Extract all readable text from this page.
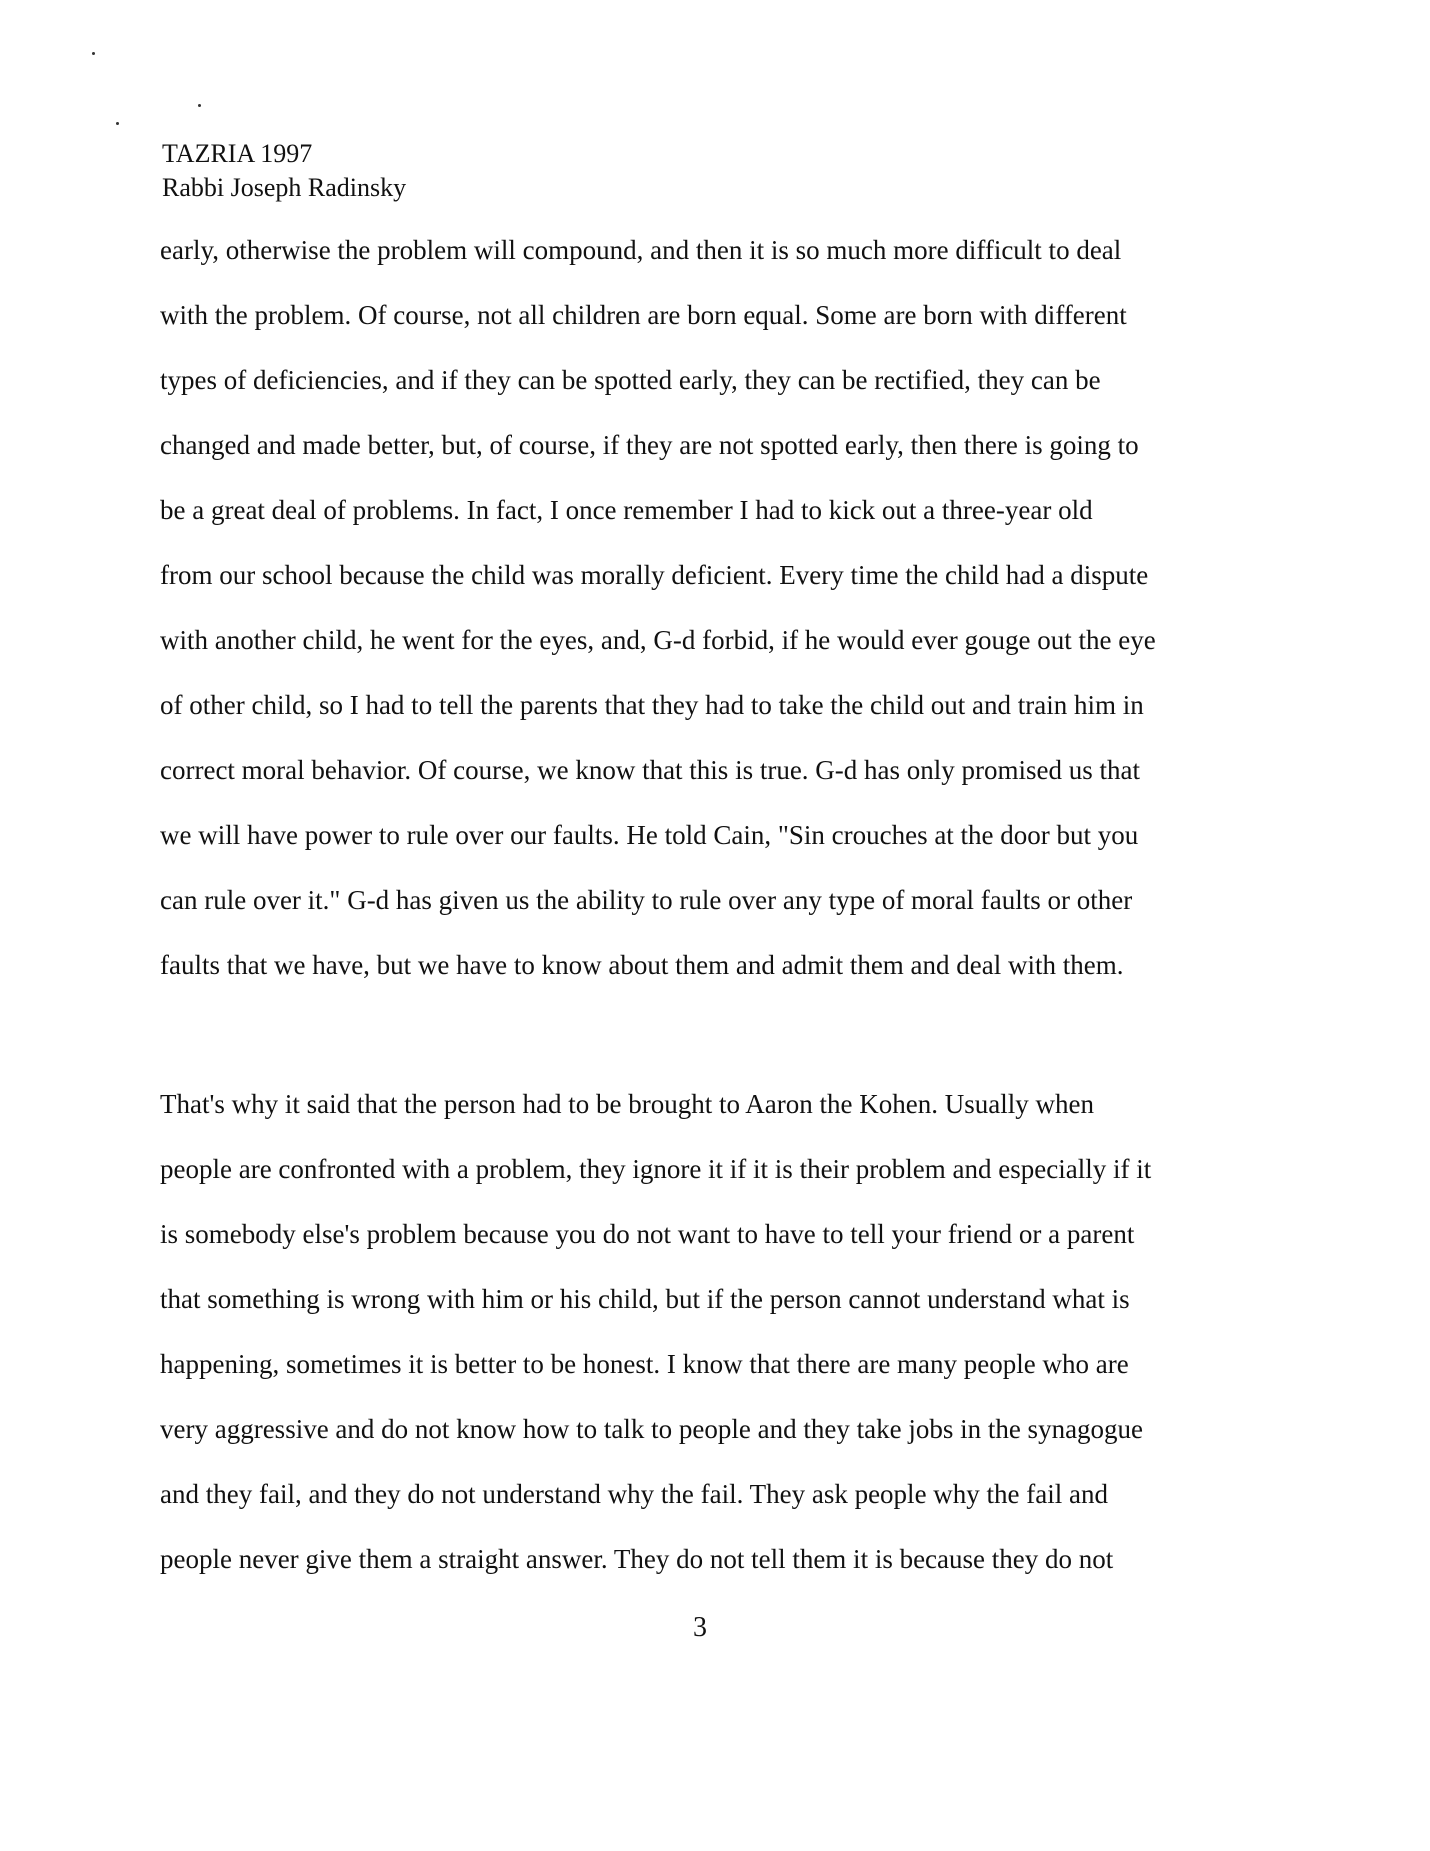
TAZRIA 1997
Rabbi Joseph Radinsky
early, otherwise the problem will compound, and then it is so much more difficult to deal
with the problem. Of course, not all children are born equal. Some are born with different
types of deficiencies, and if they can be spotted early, they can be rectified, they can be
changed and made better, but, of course, if they are not spotted early, then there is going to
be a great deal of problems. In fact, I once remember I had to kick out a three-year old
from our school because the child was morally deficient. Every time the child had a dispute
with another child, he went for the eyes, and, G-d forbid, if he would ever gouge out the eye
of other child, so I had to tell the parents that they had to take the child out and train him in
correct moral behavior. Of course, we know that this is true. G-d has only promised us that
we will have power to rule over our faults. He told Cain, "Sin crouches at the door but you
can rule over it." G-d has given us the ability to rule over any type of moral faults or other
faults that we have, but we have to know about them and admit them and deal with them.
That's why it said that the person had to be brought to Aaron the Kohen. Usually when
people are confronted with a problem, they ignore it if it is their problem and especially if it
is somebody else's problem because you do not want to have to tell your friend or a parent
that something is wrong with him or his child, but if the person cannot understand what is
happening, sometimes it is better to be honest. I know that there are many people who are
very aggressive and do not know how to talk to people and they take jobs in the synagogue
and they fail, and they do not understand why the fail. They ask people why the fail and
people never give them a straight answer. They do not tell them it is because they do not
3
